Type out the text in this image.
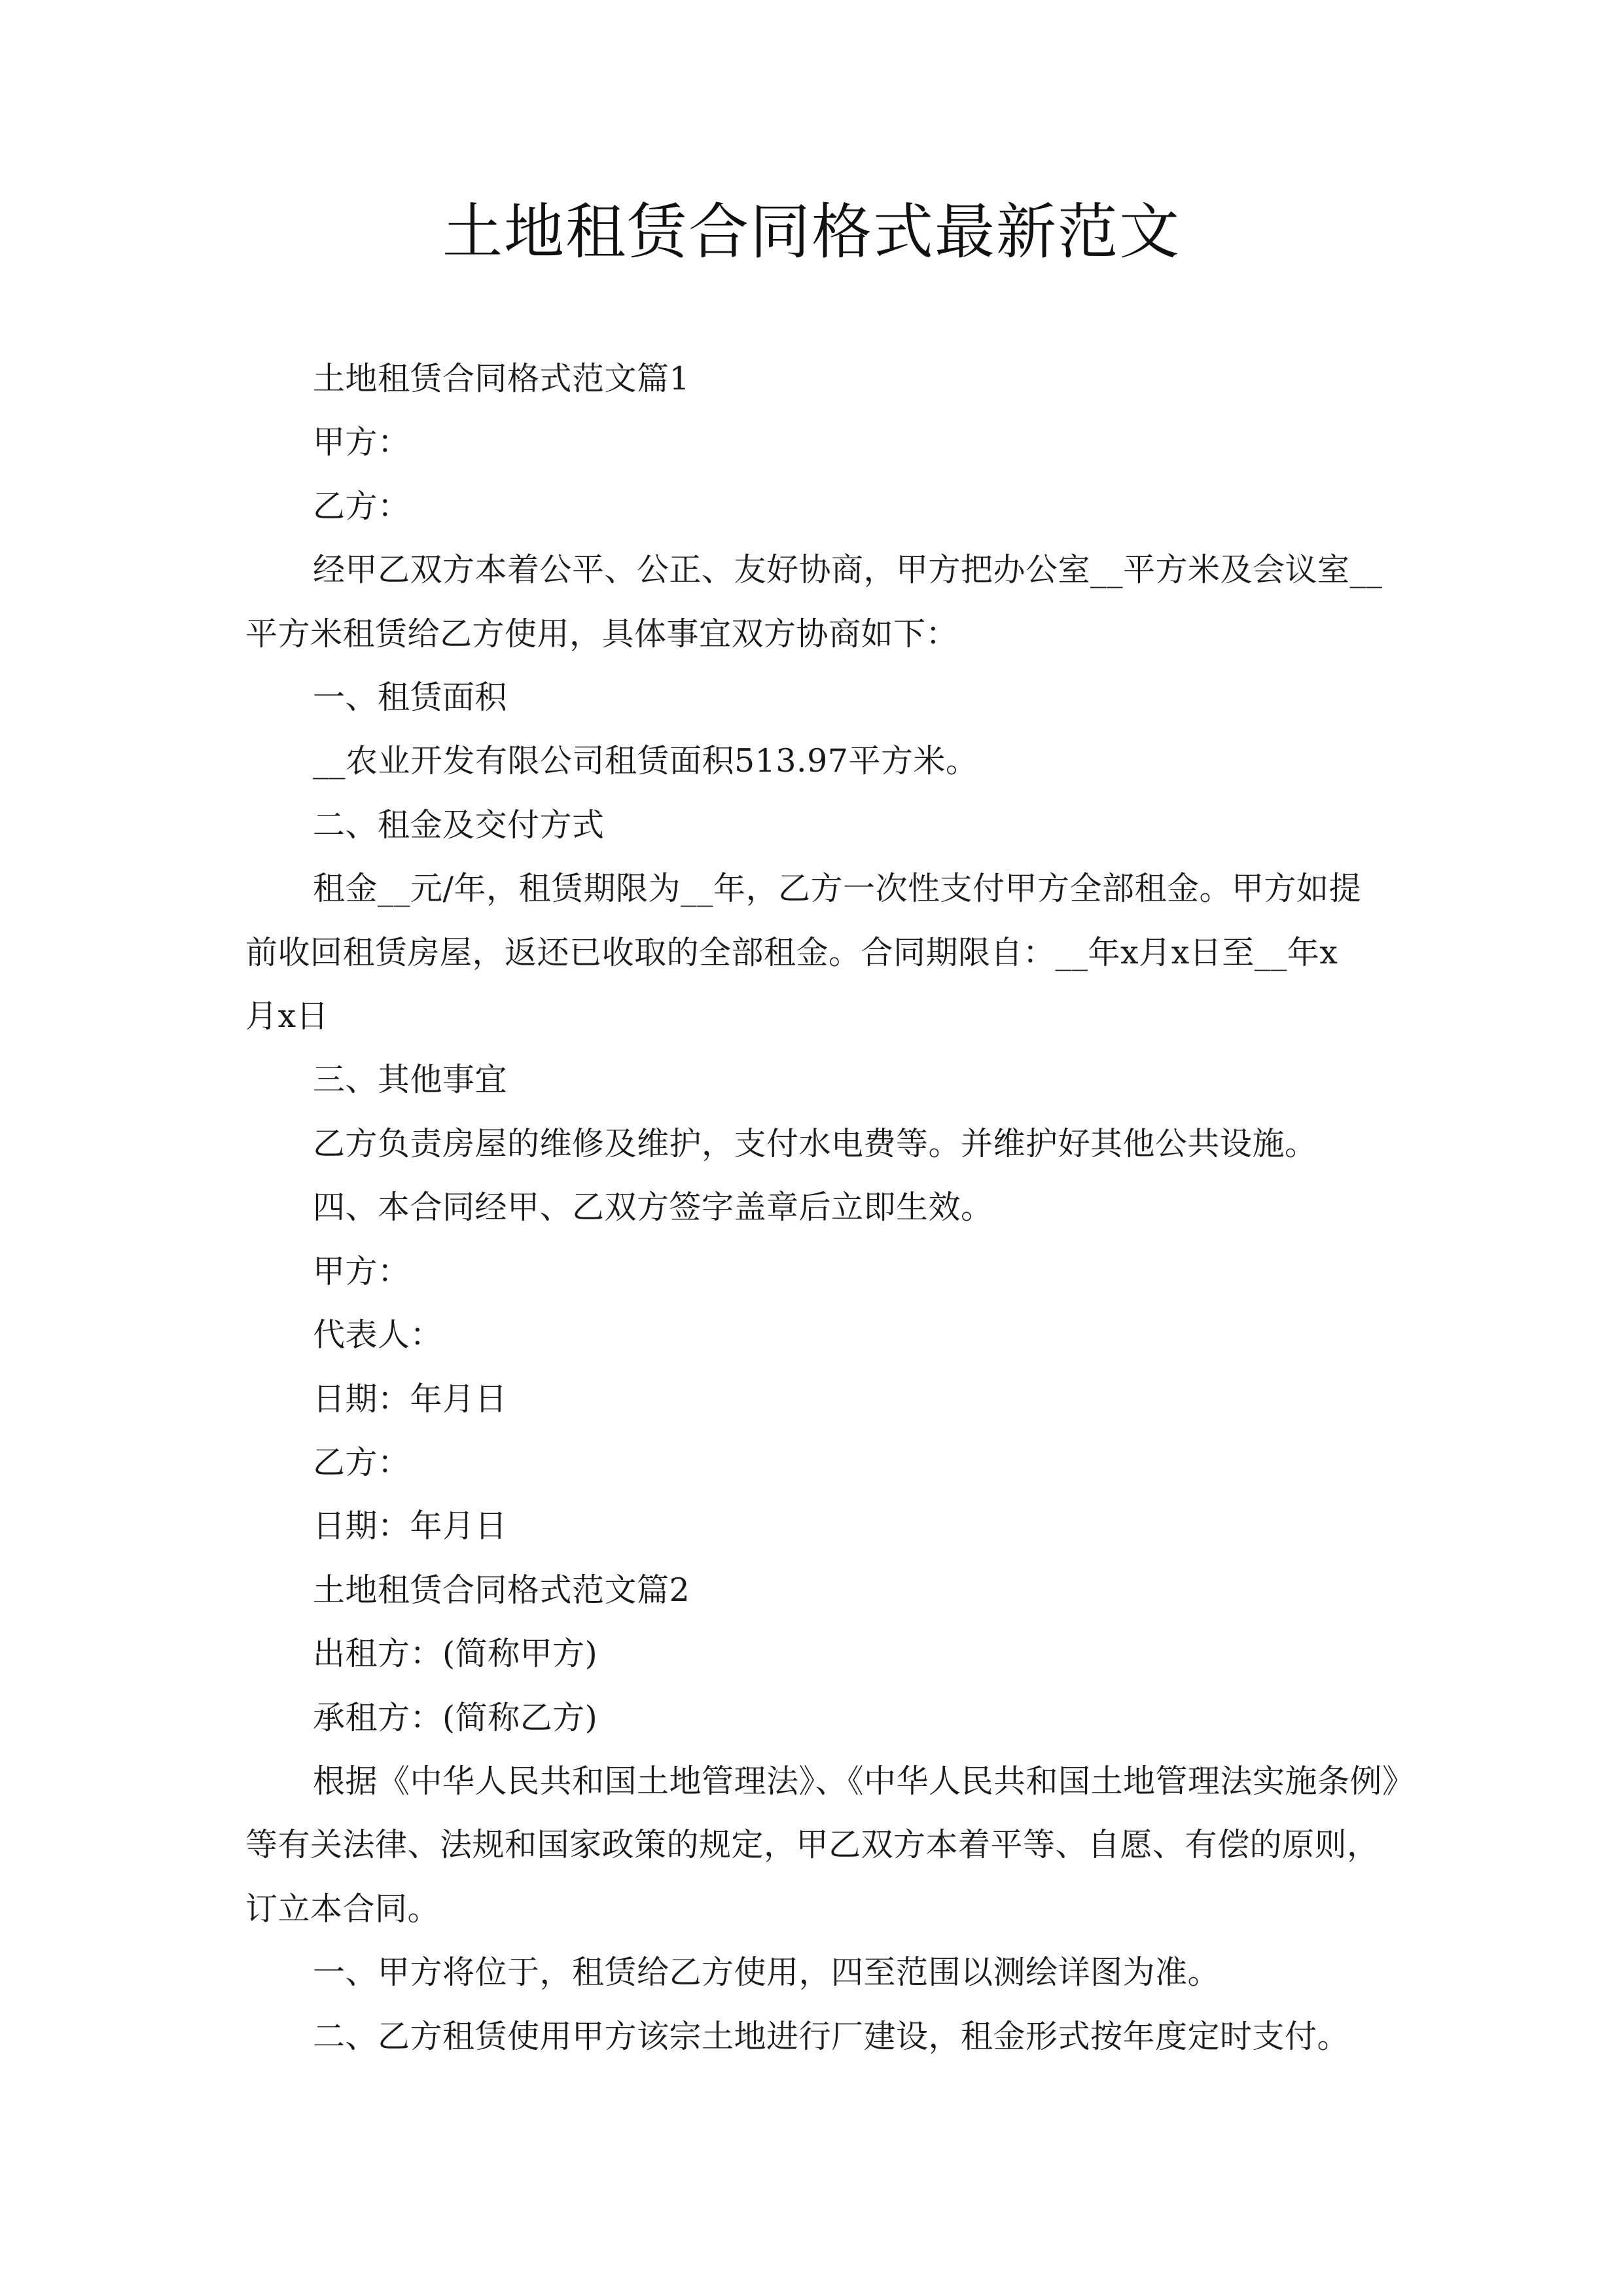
土地租赁合同格式最新范文
土地租赁合同格式范文篇1
甲方：
乙方：
经甲乙双方本着公平、公正、友好协商，甲方把办公室__平方米及会议室__
平方米租赁给乙方使用，具体事宜双方协商如下：
一、租赁面积
__农业开发有限公司租赁面积513.97平方米。
二、租金及交付方式
租金__元/年，租赁期限为__年，乙方一次性支付甲方全部租金。甲方如提
前收回租赁房屋，返还已收取的全部租金。合同期限自：__年x月x日至__年x
月x日
三、其他事宜
乙方负责房屋的维修及维护，支付水电费等。并维护好其他公共设施。
四、本合同经甲、乙双方签字盖章后立即生效。
甲方：
代表人：
日期：年月日
乙方：
日期：年月日
土地租赁合同格式范文篇2
出租方：(简称甲方)
承租方：(简称乙方)
根据《中华人民共和国土地管理法》、《中华人民共和国土地管理法实施条例》
等有关法律、法规和国家政策的规定，甲乙双方本着平等、自愿、有偿的原则，
订立本合同。
一、甲方将位于，租赁给乙方使用，四至范围以测绘详图为准。
二、乙方租赁使用甲方该宗土地进行厂建设，租金形式按年度定时支付。
